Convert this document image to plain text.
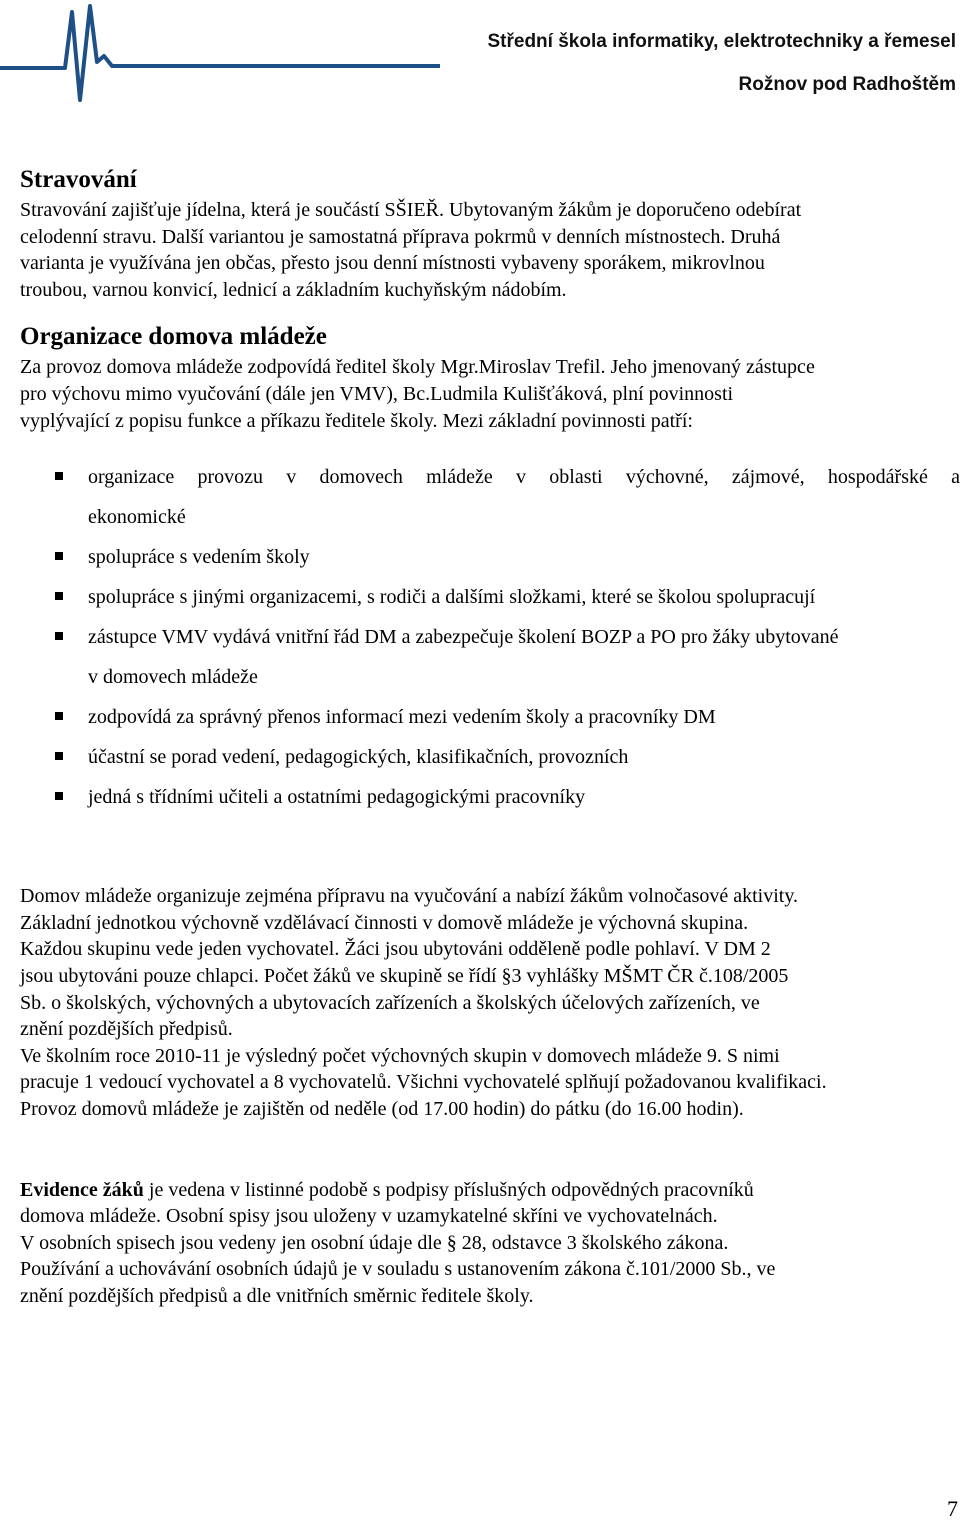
Střední škola informatiky, elektrotechniky a řemesel
Rožnov pod Radhoštěm
Stravování

Stravování zajišťuje jídelna, která je součástí SŠIEŘ. Ubytovaným žákům je doporučeno odebírat
celodenní stravu. Další variantou je samostatná příprava pokrmů v denních místnostech. Druhá
varianta je využívána jen občas, přesto jsou denní místnosti vybaveny sporákem, mikrovlnou
troubou, varnou konvicí, lednicí a základním kuchyňským nádobím.

Organizace domova mládeže

Za provoz domova mládeže zodpovídá ředitel školy Mgr.Miroslav Trefil. Jeho jmenovaný zástupce
pro výchovu mimo vyučování (dále jen VMV), Bc.Ludmila Kulišťáková, plní povinnosti
vyplývající z popisu funkce a příkazu ředitele školy. Mezi základní povinnosti patří:

organizace provozu v domovech mládeže v oblasti výchovné, zájmové, hospodářské a
ekonomické
spolupráce s vedením školy
spolupráce s jinými organizacemi, s rodiči a dalšími složkami, které se školou spolupracují
zástupce VMV vydává vnitřní řád DM a zabezpečuje školení BOZP a PO pro žáky ubytované
v domovech mládeže
zodpovídá za správný přenos informací mezi vedením školy a pracovníky DM
účastní se porad vedení, pedagogických, klasifikačních, provozních
jedná s třídními učiteli a ostatními pedagogickými pracovníky

Domov mládeže organizuje zejména přípravu na vyučování a nabízí žákům volnočasové aktivity.
Základní jednotkou výchovně vzdělávací činnosti v domově mládeže je výchovná skupina.
Každou skupinu vede jeden vychovatel. Žáci jsou ubytováni odděleně podle pohlaví. V DM 2
jsou ubytováni pouze chlapci. Počet žáků ve skupině se řídí §3 vyhlášky MŠMT ČR č.108/2005
Sb. o školských, výchovných a ubytovacích zařízeních a školských účelových zařízeních, ve
znění pozdějších předpisů.
Ve školním roce 2010-11 je výsledný počet výchovných skupin v domovech mládeže 9. S nimi
pracuje 1 vedoucí vychovatel a 8 vychovatelů. Všichni vychovatelé splňují požadovanou kvalifikaci.
Provoz domovů mládeže je zajištěn od neděle (od 17.00 hodin) do pátku (do 16.00 hodin).

Evidence žáků je vedena v listinné podobě s podpisy příslušných odpovědných pracovníků
domova mládeže. Osobní spisy jsou uloženy v uzamykatelné skříni ve vychovatelnách.
V osobních spisech jsou vedeny jen osobní údaje dle § 28, odstavce 3 školského zákona.
Používání a uchovávání osobních údajů je v souladu s ustanovením zákona č.101/2000 Sb., ve
znění pozdějších předpisů a dle vnitřních směrnic ředitele školy.

7
